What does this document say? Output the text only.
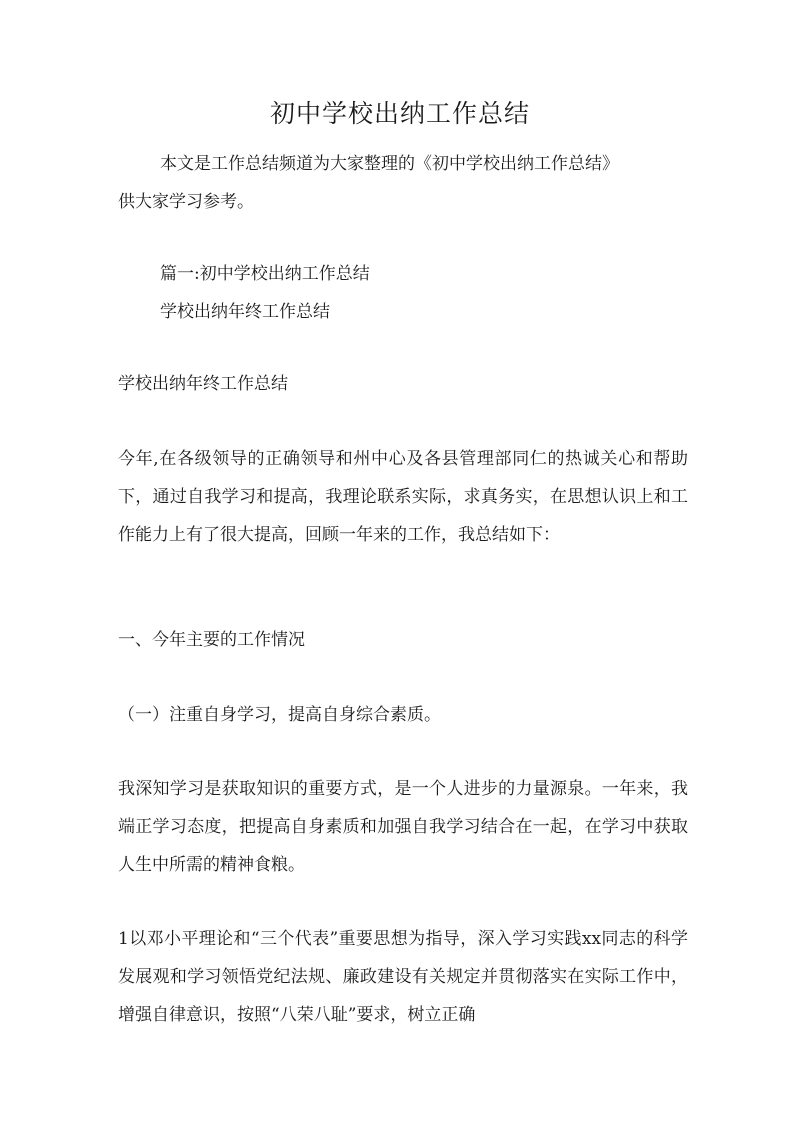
初中学校出纳工作总结
本文是工作总结频道为大家整理的《初中学校出纳工作总结》
供大家学习参考。
篇一:初中学校出纳工作总结
学校出纳年终工作总结
学校出纳年终工作总结
今年,在各级领导的正确领导和州中心及各县管理部同仁的热诚关心和帮助下，通过自我学习和提高，我理论联系实际，求真务实，在思想认识上和工作能力上有了很大提高，回顾一年来的工作，我总结如下：
一、今年主要的工作情况
（一）注重自身学习，提高自身综合素质。
我深知学习是获取知识的重要方式，是一个人进步的力量源泉。一年来，我端正学习态度，把提高自身素质和加强自我学习结合在一起，在学习中获取人生中所需的精神食粮。
1以邓小平理论和“三个代表”重要思想为指导，深入学习实践xx同志的科学发展观和学习领悟党纪法规、廉政建设有关规定并贯彻落实在实际工作中，增强自律意识，按照“八荣八耻”要求，树立正确
